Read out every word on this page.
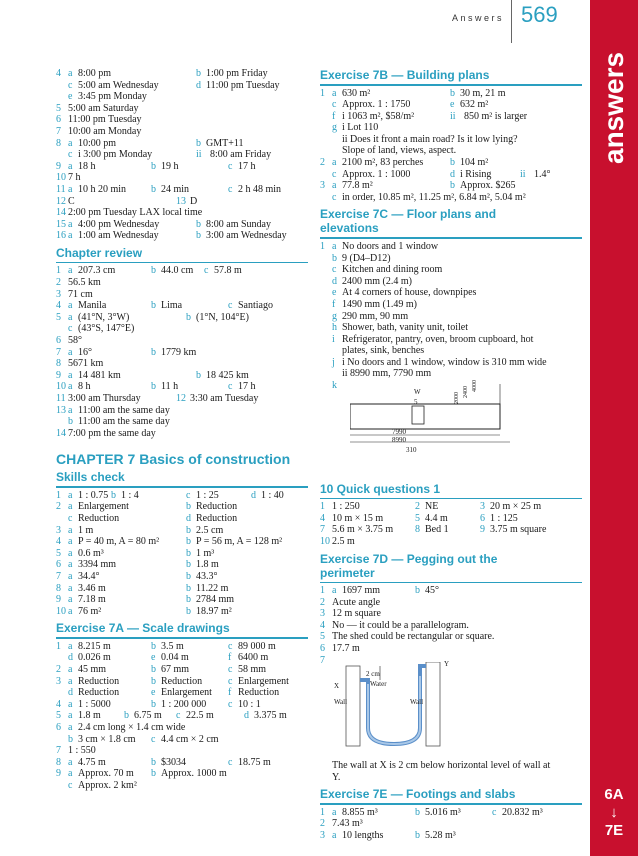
Answers 569
answers
6A
↓
7E
4 a 8:00 pm	b 1:00 pm Friday
c 5:00 am Wednesday	d 11:00 pm Tuesday
e 3:45 pm Monday
5 5:00 am Saturday
6 11:00 pm Tuesday
7 10:00 am Monday
8 a 10:00 pm	b GMT+11
c i 3:00 pm Monday	ii 8:00 am Friday
9 a 18 h	b 19 h	c 17 h
10 7 h
11 a 10 h 20 min b 24 min	c 2 h 48 min
12 C	13 D
14 2:00 pm Tuesday LAX local time
15 a 4:00 pm Wednesday	b 8:00 am Sunday
16 a 1:00 am Wednesday	b 3:00 am Wednesday
Chapter review
1 a 207.3 cm	b 44.0 cm c 57.8 m
2 56.5 km
3 71 cm
4 a Manila	b Lima	c Santiago
5 a (41°N, 3°W)	b (1°N, 104°E)
c (43°S, 147°E)
6 58°
7 a 16°	b 1779 km
8 5671 km
9 a 14 481 km	b 18 425 km
10 a 8 h	b 11 h	c 17 h
11 3:00 am Thursday	12 3:30 am Tuesday
13 a 11:00 am the same day
b 11:00 am the same day
14 7:00 pm the same day
CHAPTER 7 Basics of construction
Skills check
1 a 1 : 0.75 b 1 : 4	c 1 : 25	d 1 : 40
2 a Enlargement	b Reduction
c Reduction	d Reduction
3 a 1 m	b 2.5 cm
4 a P = 40 m, A = 80 m²	b P = 56 m, A = 128 m²
5 a 0.6 m³	b 1 m³
6 a 3394 mm	b 1.8 m
7 a 34.4°	b 43.3°
8 a 3.46 m	b 11.22 m
9 a 7.18 m	b 2784 mm
10 a 76 m²	b 18.97 m²
Exercise 7A — Scale drawings
1 a 8.215 m	b 3.5 m	c 89 000 m
d 0.026 m	e 0.04 m	f 6400 m
2 a 45 mm	b 67 mm	c 58 mm
3 a Reduction	b Reduction	c Enlargement
d Reduction	e Enlargement f Reduction
4 a 1 : 5000	b 1 : 200 000 c 10 : 1
5 a 1.8 m b 6.75 m c 22.5 m	d 3.375 m
6 a 2.4 cm long × 1.4 cm wide
b 3 cm × 1.8 cm c 4.4 cm × 2 cm
7 1 : 550
8 a 4.75 m	b $3034	c 18.75 m
9 a Approx. 70 m b Approx. 1000 m
c Approx. 2 km²
Exercise 7B — Building plans
1 a 630 m²	b 30 m, 21 m
c Approx. 1 : 1750	e 632 m²
f i 1063 m², $58/m²	ii 850 m² is larger
g i Lot 110
ii Does it front a main road? Is it low lying?
Slope of land, views, aspect.
2 a 2100 m², 83 perches	b 104 m²
c Approx. 1 : 1000	d i Rising	ii 1.4°
3 a 77.8 m²	b Approx. $265
c in order, 10.85 m², 11.25 m², 6.84 m², 5.04 m²
Exercise 7C — Floor plans and
elevations
1 a No doors and 1 window
b 9 (D4–D12)
c Kitchen and dining room
d 2400 mm (2.4 m)
e At 4 corners of house, downpipes
f 1490 mm (1.49 m)
g 290 mm, 90 mm
h Shower, bath, vanity unit, toilet
i Refrigerator, pantry, oven, broom cupboard, hot
plates, sink, benches
j i No doors and 1 window, window is 310 mm wide
ii 8990 mm, 7790 mm
k
W
5	2000 2400 4000
7990
8990
310
10 Quick questions 1
1 1 : 250	2 NE	3 20 m × 25 m
4 10 m × 15 m	5 4.4 m	6 1 : 125
7 5.6 m × 3.75 m 8 Bed 1	9 3.75 m square
10 2.5 m
Exercise 7D — Pegging out the
perimeter
1 a 1697 mm	b 45°
2 Acute angle
3 12 m square
4 No — it could be a parallelogram.
5 The shed could be rectangular or square.
6 17.7 m
7	Y
X
2 cm
Water
Wall	Wall
The wall at X is 2 cm below horizontal level of wall at
Y.
Exercise 7E — Footings and slabs
1 a 8.855 m³	b 5.016 m³	c 20.832 m³
2 7.43 m³
3 a 10 lengths	b 5.28 m³
